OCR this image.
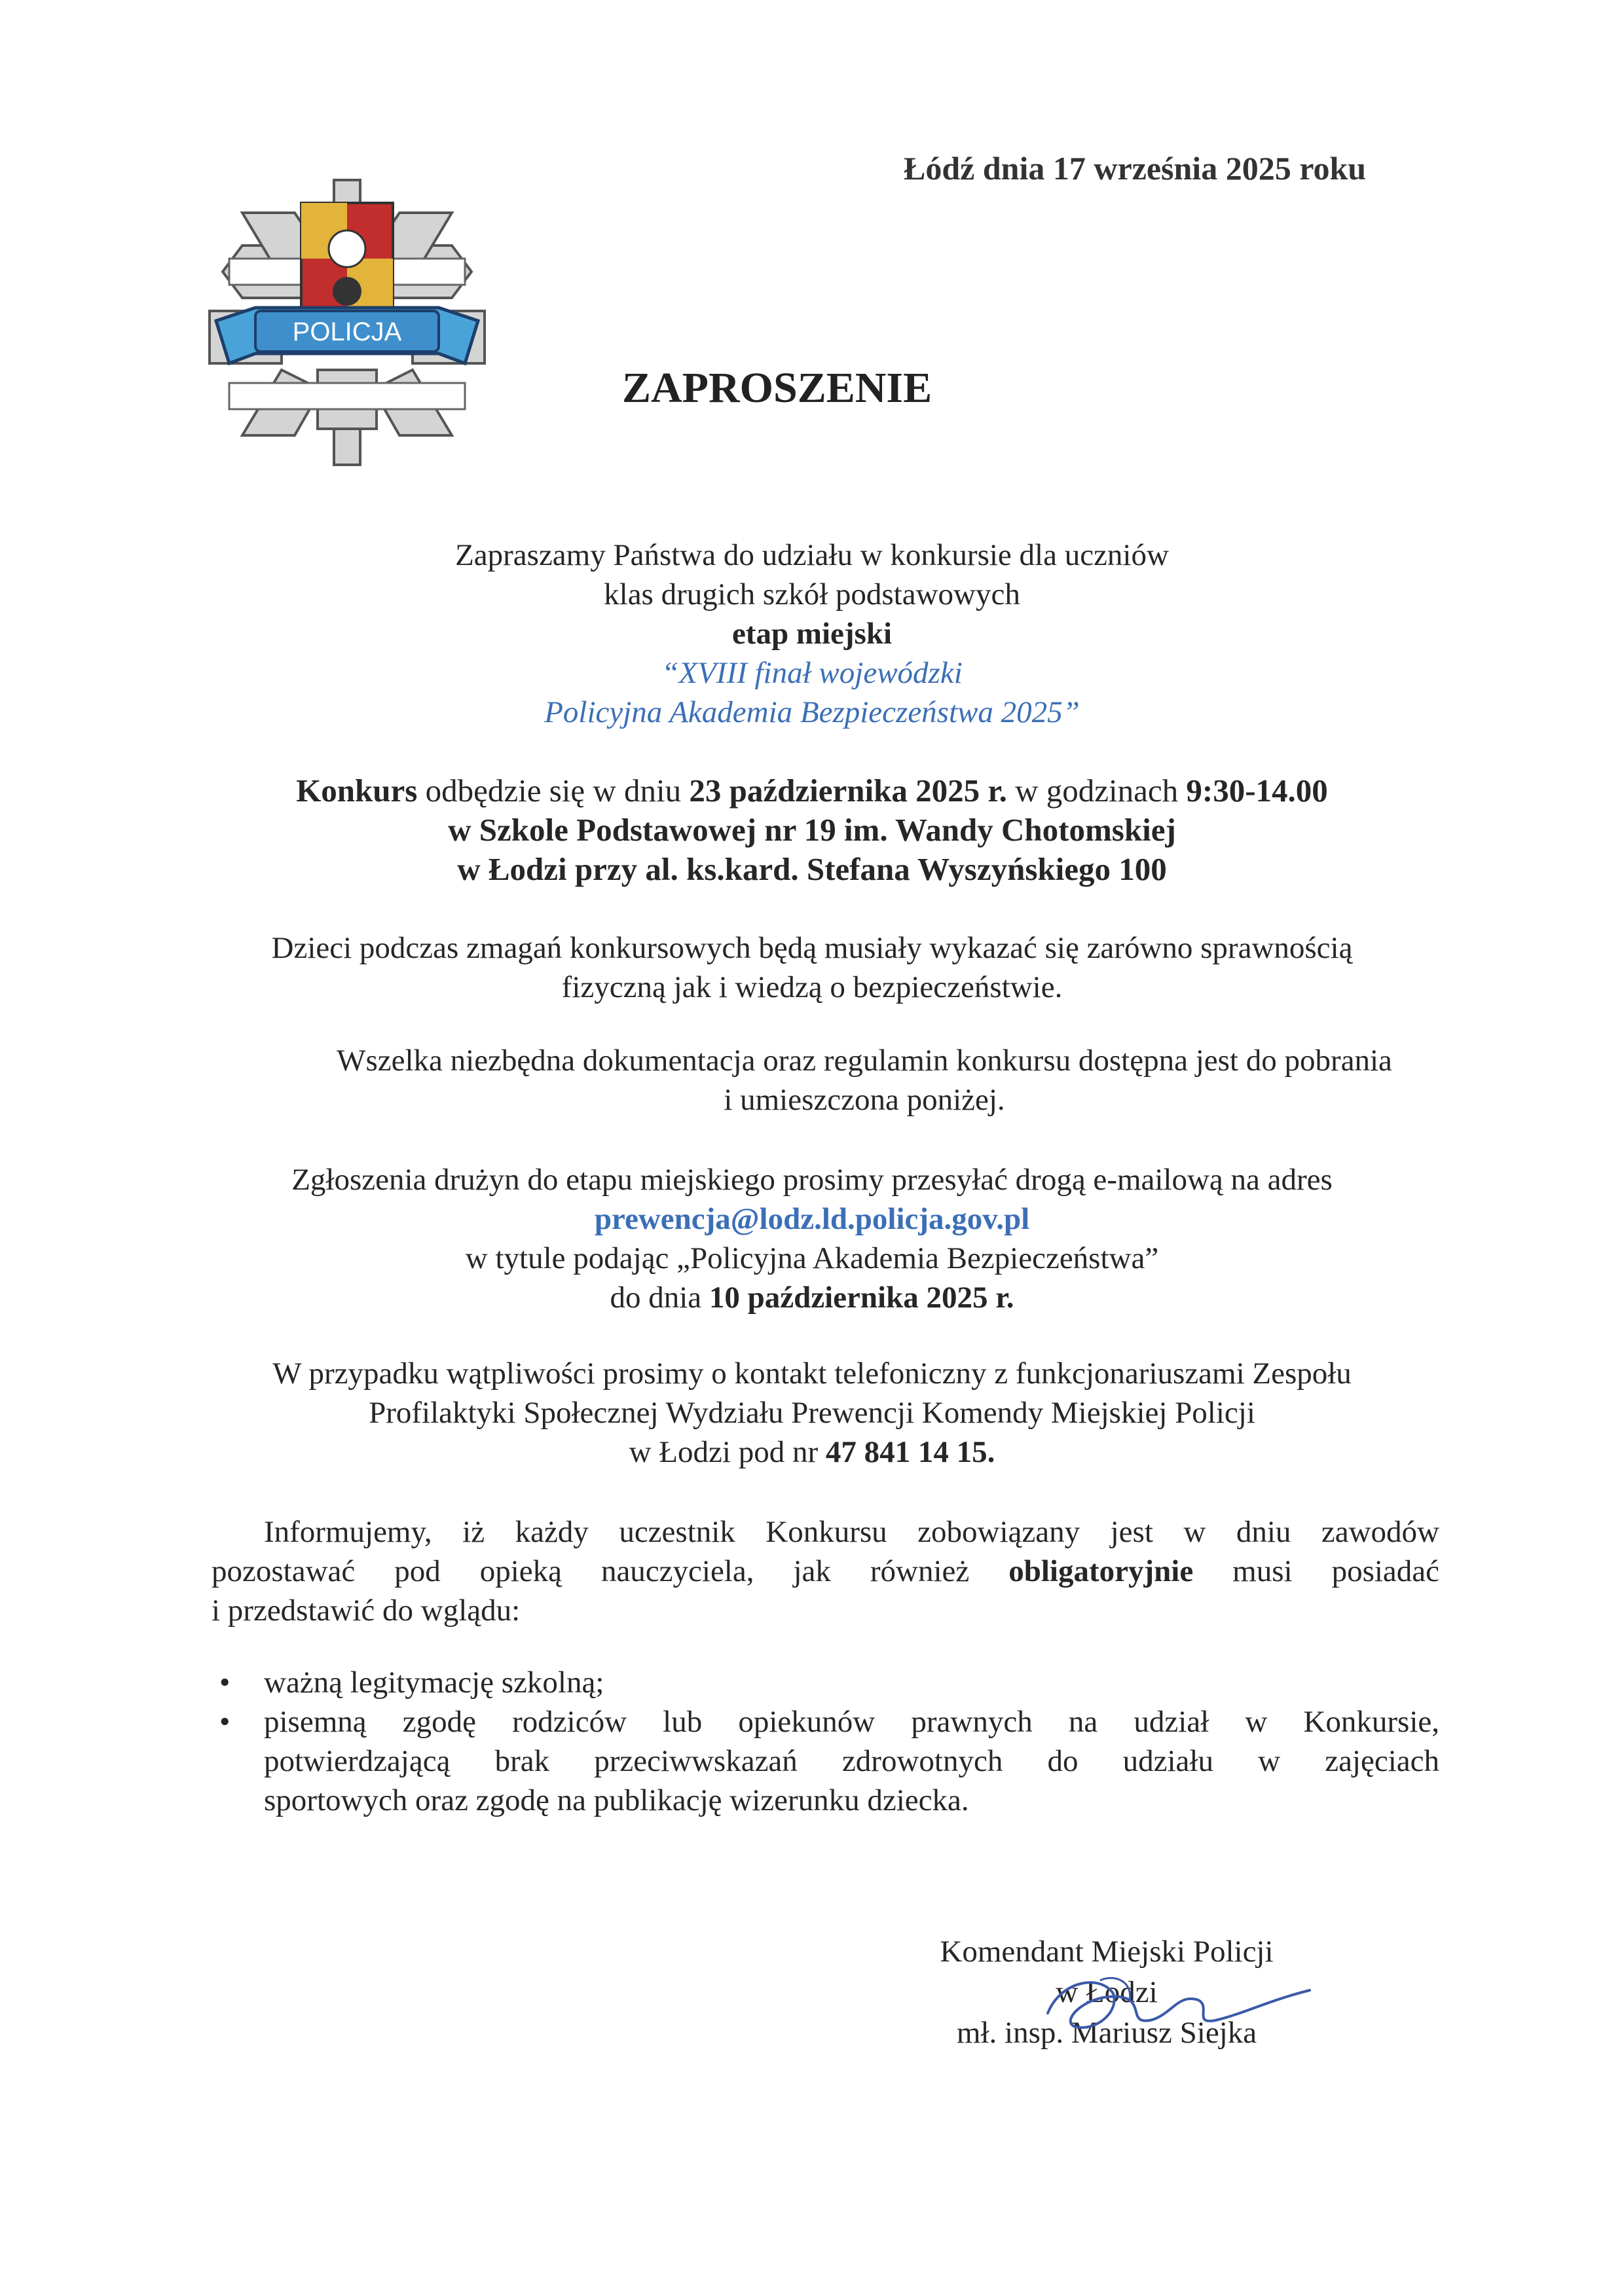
Łódź dnia 17 września 2025 roku
POLICJA
ZAPROSZENIE
Zapraszamy Państwa do udziału w konkursie dla uczniów
klas drugich szkół podstawowych
etap miejski
“XVIII finał wojewódzki
Policyjna Akademia Bezpieczeństwa 2025”
Konkurs odbędzie się w dniu 23 października 2025 r. w godzinach 9:30-14.00
w Szkole Podstawowej nr 19 im. Wandy Chotomskiej
w Łodzi przy al. ks.kard. Stefana Wyszyńskiego 100
Dzieci podczas zmagań konkursowych będą musiały wykazać się zarówno sprawnością
fizyczną jak i wiedzą o bezpieczeństwie.
Wszelka niezbędna dokumentacja oraz regulamin konkursu dostępna jest do pobrania
i umieszczona poniżej.
Zgłoszenia drużyn do etapu miejskiego prosimy przesyłać drogą e-mailową na adres
prewencja@lodz.ld.policja.gov.pl
w tytule podając „Policyjna Akademia Bezpieczeństwa”
do dnia 10 października 2025 r.
W przypadku wątpliwości prosimy o kontakt telefoniczny z funkcjonariuszami Zespołu
Profilaktyki Społecznej Wydziału Prewencji Komendy Miejskiej Policji
w Łodzi pod nr 47 841 14 15.
Informujemy, iż każdy uczestnik Konkursu zobowiązany jest w dniu zawodów
pozostawać pod opieką nauczyciela, jak również obligatoryjnie musi posiadać
i przedstawić do wglądu:
• ważną legitymację szkolną;
• pisemną zgodę rodziców lub opiekunów prawnych na udział w Konkursie,
potwierdzającą brak przeciwwskazań zdrowotnych do udziału w zajęciach
sportowych oraz zgodę na publikację wizerunku dziecka.
Komendant Miejski Policji
w Łodzi
mł. insp. Mariusz Siejka
